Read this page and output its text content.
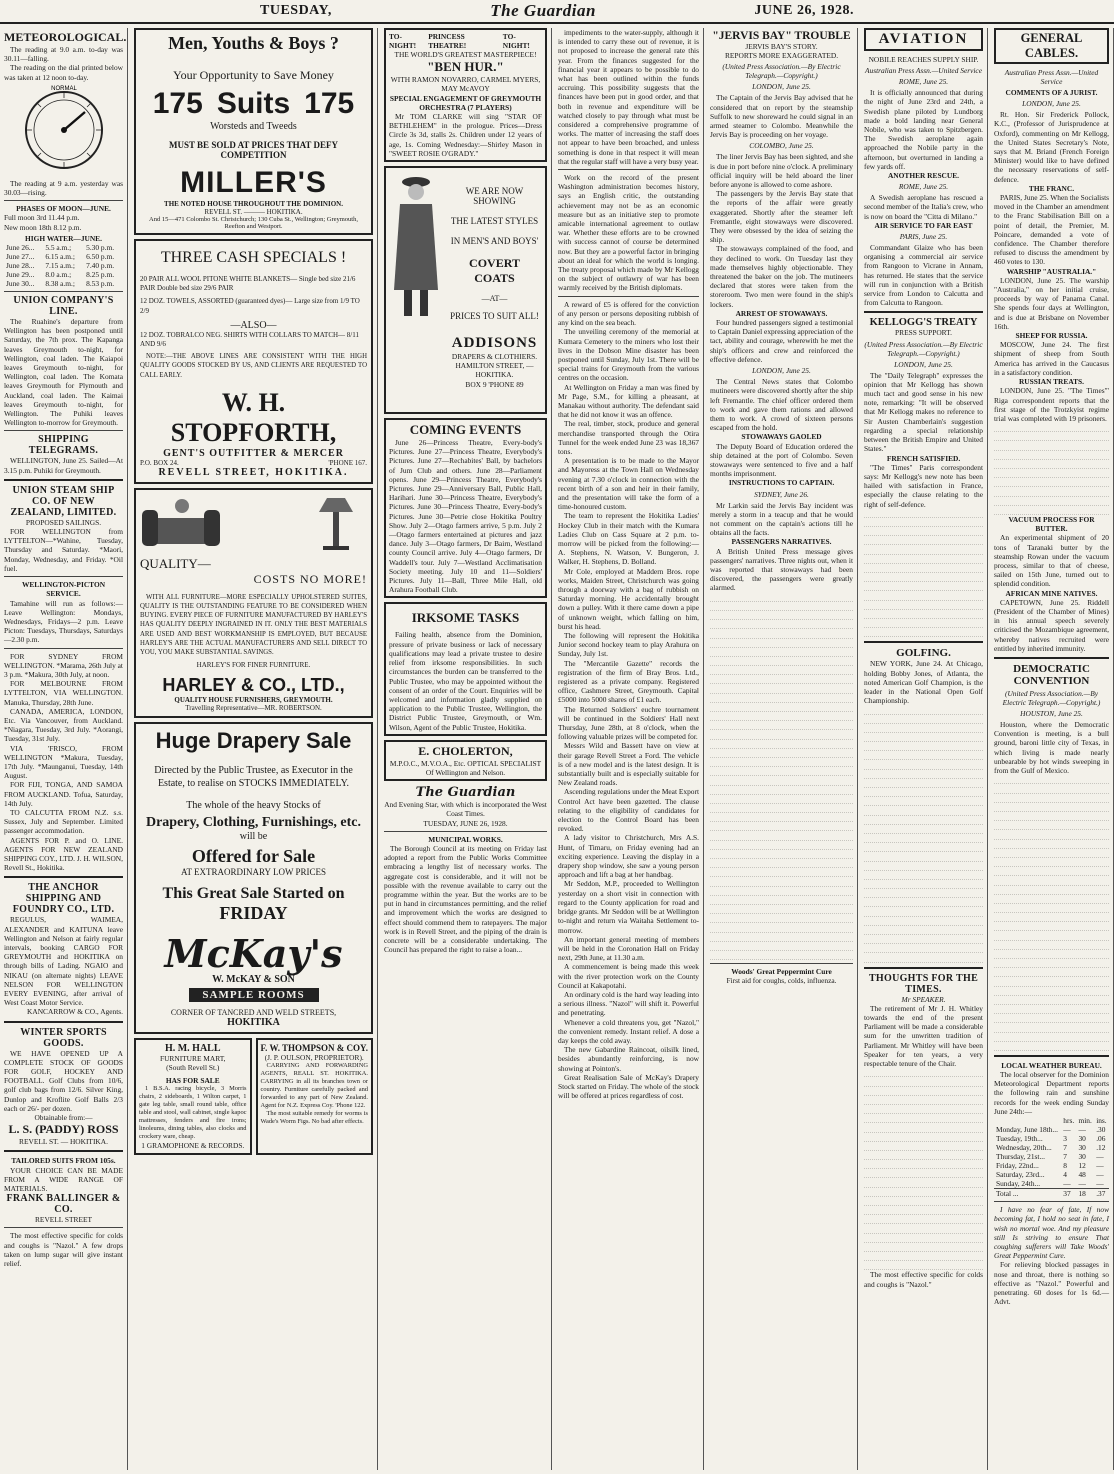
TUESDAY,	The Guardian	JUNE 26, 1928.
METEOROLOGICAL.
The reading at 9.0 a.m. to-day was 30.11—falling.
The reading on the dial printed below was taken at 12 noon to-day.
NORMAL
The reading at 9 a.m. yesterday was 30.03—rising.
PHASES OF MOON—JUNE.
Full moon 3rd 11.44 p.m.
New moon 18th 8.12 p.m.
HIGH WATER—JUNE.
June 26...	5.5 a.m.;	5.30 p.m.
June 27...	6.15 a.m.;	6.50 p.m.
June 28...	7.15 a.m.;	7.40 p.m.
June 29...	8.0 a.m.;	8.25 p.m.
June 30...	8.38 a.m.;	8.53 p.m.
UNION COMPANY'S LINE.
The Ruahine's departure from Wellington has been postponed until Saturday, the 7th prox. The Kapanga leaves Greymouth to-night, for Wellington, coal laden. The Kaiapoi leaves Greymouth to-night, for Wellington, coal laden. The Komata leaves Greymouth for Plymouth and Auckland, coal laden. The Kaimai leaves Greymouth to-night, for Wellington. The Puhiki leaves Wellington to-morrow for Greymouth.
SHIPPING TELEGRAMS.
WELLINGTON, June 25. Sailed—At 3.15 p.m. Puhiki for Greymouth.
UNION STEAM SHIP CO. OF NEW ZEALAND, LIMITED.
PROPOSED SAILINGS.
FOR WELLINGTON from LYTTELTON—*Wahine, Tuesday, Thursday and Saturday. *Maori, Monday, Wednesday, and Friday. *Oil fuel.
WELLINGTON-PICTON SERVICE.
Tamahine will run as follows:— Leave Wellington: Mondays, Wednesdays, Fridays—2 p.m. Leave Picton: Tuesdays, Thursdays, Saturdays—2.30 p.m.
FOR SYDNEY FROM WELLINGTON. *Marama, 26th July at 3 p.m. *Makura, 30th July, at noon.
FOR MELBOURNE FROM LYTTELTON, VIA WELLINGTON. Manuka, Thursday, 28th June.
CANADA, AMERICA, LONDON, Etc. Via Vancouver, from Auckland. *Niagara, Tuesday, 3rd July. *Aorangi, Tuesday, 31st July.
VIA 'FRISCO, FROM WELLINGTON *Makura, Tuesday, 17th July. *Maunganui, Tuesday, 14th August.
FOR FIJI, TONGA, AND SAMOA FROM AUCKLAND. Tofua, Saturday, 14th July.
TO CALCUTTA FROM N.Z. s.s. Sussex, July and September. Limited passenger accommodation.
AGENTS FOR P. and O. LINE. AGENTS FOR NEW ZEALAND SHIPPING COY., LTD. J. H. WILSON, Revell St., Hokitika.
THE ANCHOR SHIPPING AND FOUNDRY CO., LTD.
REGULUS, WAIMEA, ALEXANDER and KAITUNA leave Wellington and Nelson at fairly regular intervals, booking CARGO FOR GREYMOUTH and HOKITIKA on through bills of Lading. NGAIO and NIKAU (on alternate nights) LEAVE NELSON FOR WELLINGTON EVERY EVENING, after arrival of West Coast Motor Service.
KANCARROW & CO., Agents.
WINTER SPORTS GOODS.
WE HAVE OPENED UP A COMPLETE STOCK OF GOODS FOR GOLF, HOCKEY AND FOOTBALL. Golf Clubs from 10/6, golf club bags from 12/6. Silver King, Dunlop and Kroflite Golf Balls 2/3 each or 26/- per dozen.
Obtainable from:—
L. S. (PADDY) ROSS
REVELL ST. — HOKITIKA.
TAILORED SUITS FROM 105s.
YOUR CHOICE CAN BE MADE FROM A WIDE RANGE OF MATERIALS.
FRANK BALLINGER & CO.
REVELL STREET
The most effective specific for colds and coughs is "Nazol." A few drops taken on lump sugar will give instant relief.
Men, Youths & Boys ?
Your Opportunity to Save Money
175 Suits 175
Worsteds and Tweeds
MUST BE SOLD AT PRICES THAT DEFY COMPETITION
MILLER'S
THE NOTED HOUSE THROUGHOUT THE DOMINION.
REVELL ST. ——— HOKITIKA.
And 15—471 Colombo St. Christchurch; 130 Cuba St., Wellington; Greymouth, Reefton and Westport.
THREE CASH SPECIALS !
20 PAIR ALL WOOL PITONE WHITE BLANKETS— Single bed size 21/6 PAIR Double bed size 29/6 PAIR
12 DOZ. TOWELS, ASSORTED (guaranteed dyes)— Large size from 1/9 TO 2/9
—ALSO—
12 DOZ. TOBRALCO NEG. SHIRTS WITH COLLARS TO MATCH— 8/11 AND 9/6
NOTE:—THE ABOVE LINES ARE CONSISTENT WITH THE HIGH QUALITY GOODS STOCKED BY US, AND CLIENTS ARE REQUESTED TO CALL EARLY.
W. H. STOPFORTH,
GENT'S OUTFITTER & MERCER
P.O. BOX 24.	'PHONE 167.
REVELL STREET, HOKITIKA.
QUALITY—
COSTS NO MORE!
WITH ALL FURNITURE—MORE ESPECIALLY UPHOLSTERED SUITES, QUALITY IS THE OUTSTANDING FEATURE TO BE CONSIDERED WHEN BUYING. EVERY PIECE OF FURNITURE MANUFACTURED BY HARLEY'S HAS QUALITY DEEPLY INGRAINED IN IT. ONLY THE BEST MATERIALS ARE USED AND BEST WORKMANSHIP IS EMPLOYED, BUT BECAUSE HARLEY'S ARE THE ACTUAL MANUFACTURERS AND SELL DIRECT TO YOU, YOU MAKE SUBSTANTIAL SAVINGS.
HARLEY'S FOR FINER FURNITURE.
HARLEY & CO., LTD.,
QUALITY HOUSE FURNISHERS, GREYMOUTH.
Travelling Representative—MR. ROBERTSON.
Huge Drapery Sale
Directed by the Public Trustee, as Executor in the Estate, to realise on STOCKS IMMEDIATELY.
The whole of the heavy Stocks of
Drapery, Clothing, Furnishings, etc.
will be
Offered for Sale
AT EXTRAORDINARY LOW PRICES
This Great Sale Started on
FRIDAY
McKay's
W. McKAY & SON
SAMPLE ROOMS
CORNER OF TANCRED AND WELD STREETS,
HOKITIKA
H. M. HALL
FURNITURE MART,
(South Revell St.)
HAS FOR SALE
1 B.S.A. racing bicycle, 3 Morris chairs, 2 sideboards, 1 Wilton carpet, 1 gate leg table, small round table, office table and stool, wall cabinet, single kapoc mattresses, fenders and fire irons; linoleums, dining tables, also clocks and crockery ware, cheap.
1 GRAMOPHONE & RECORDS.
F. W. THOMPSON & COY.
(J. P. OULSON, PROPRIETOR).
CARRYING AND FORWARDING AGENTS, REALL ST. HOKITIKA. CARRYING in all its branches town or country. Furniture carefully packed and forwarded to any part of New Zealand. Agent for N.Z. Express Coy. 'Phone 122.
The most suitable remedy for worms is Wade's Worm Figs. No bad after effects.
TO-NIGHT!
PRINCESS THEATRE!
TO-NIGHT!
THE WORLD'S GREATEST MASTERPIECE!
"BEN HUR."
WITH RAMON NOVARRO, CARMEL MYERS, MAY McAVOY
SPECIAL ENGAGEMENT OF GREYMOUTH ORCHESTRA (7 PLAYERS)
Mr TOM CLARKE will sing "STAR OF BETHLEHEM" in the prologue. Prices—Dress Circle 3s 3d, stalls 2s. Children under 12 years of age, 1s. Coming Wednesday:—Shirley Mason in "SWEET ROSIE O'GRADY."
WE ARE NOW SHOWING
THE LATEST STYLES
IN MEN'S AND BOYS'
COVERT COATS
—AT—
PRICES TO SUIT ALL!
ADDISONS
DRAPERS & CLOTHIERS.
HAMILTON STREET, — HOKITIKA.
BOX 9 'PHONE 89
COMING EVENTS
June 26—Princess Theatre, Every-body's Pictures. June 27—Princess Theatre, Everybody's Pictures. June 27—Rechabites' Ball, by bachelors of Jum Club and others. June 28—Parliament opens. June 29—Princess Theatre, Everybody's Pictures. June 29—Anniversary Ball, Public Hall, Harihari. June 30—Princess Theatre, Everybody's Pictures. June 30—Princess Theatre, Every-body's Pictures. June 30—Petrie close Hokitika Poultry Show. July 2—Otago farmers arrive, 5 p.m. July 2—Otago farmers entertained at pictures and jazz dance. July 3—Otago farmers, Dr Bairn, Westland county Council arrive. July 4—Otago farmers, Dr Waddell's tour. July 7—Westland Acclimatisation Society meeting. July 10 and 11—Soldiers' Pictures. July 11—Ball, Three Mile Hall, old Arahura Football Club.
IRKSOME TASKS
Failing health, absence from the Dominion, pressure of private business or lack of necessary qualifications may lead a private trustee to desire relief from irksome responsibilities. In such circumstances the burden can be transferred to the Public Trustee, who may be appointed without the consent of an order of the Court. Enquiries will be welcomed and information gladly supplied on application to the Public Trustee, Wellington, the District Public Trustee, Greymouth, or Wm. Wilson, Agent of the Public Trustee, Hokitika.
E. CHOLERTON,
M.P.O.C., M.V.O.A., Etc. OPTICAL SPECIALIST
Of Wellington and Nelson.
The Guardian
And Evening Star, with which is incorporated the West Coast Times.
TUESDAY, JUNE 26, 1928.
MUNICIPAL WORKS.
The Borough Council at its meeting on Friday last adopted a report from the Public Works Committee embracing a lengthy list of necessary works. The aggregate cost is considerable, and it will not be possible with the revenue available to carry out the programme within the year. But the works are to be put in hand in circumstances permitting, and the relief and improvement which the works are designed to effect should commend them to ratepayers. The major work is in Revell Street, and the piping of the drain is concrete will be a considerable undertaking. The Council has prepared the right to raise a loan...
impediments to the water-supply, although it is intended to carry these out of revenue, it is not proposed to increase the general rate this year. From the finances suggested for the financial year it appears to be possible to do what has been outlined within the funds accruing. This possibility suggests that the finances have been put in good order, and that both in revenue and expenditure will be watched closely to pay through what must be considered a comprehensive programme of works. The matter of increasing the staff does not appear to have been broached, and unless something is done in that respect it will mean that the regular staff will have a very busy year.
Work on the record of the present Washington administration becomes history, says an English critic, the outstanding achievement may not be as an economic measure but as an initiative step to promote amicable international agreement to outlaw war. Whether these efforts are to be crowned with success cannot of course be determined now. But they are a powerful factor in bringing about an ideal for which the world is longing. The treaty proposal which made by Mr Kellogg on the subject of outlawry of war has been warmly received by the British diplomats.
A reward of £5 is offered for the conviction of any person or persons depositing rubbish of any kind on the sea beach.
The unveiling ceremony of the memorial at Kumara Cemetery to the miners who lost their lives in the Dobson Mine disaster has been postponed until Sunday, July 1st. There will be special trains for Greymouth from the various centres on the occasion.
At Wellington on Friday a man was fined by Mr Page, S.M., for killing a pheasant, at Manakau without authority. The defendant said that he did not know it was an offence.
The real, timber, stock, produce and general merchandise transported through the Otira Tunnel for the week ended June 23 was 18,367 tons.
A presentation is to be made to the Mayor and Mayoress at the Town Hall on Wednesday evening at 7.30 o'clock in connection with the recent birth of a son and heir in their family, and the presentation will take the form of a time-honoured custom.
The team to represent the Hokitika Ladies' Hockey Club in their match with the Kumara Ladies Club on Cass Square at 2 p.m. to-morrow will be picked from the following:—A. Stephens, N. Watson, V. Bungeron, J. Walker, H. Stephens, D. Bolland.
Mr Cole, employed at Maddern Bros. rope works, Maiden Street, Christchurch was going through a doorway with a bag of rubbish on Saturday morning. He accidentally brought down a pulley. With it there came down a pipe of unknown weight, which falling on him, burst his head.
The following will represent the Hokitika Junior second hockey team to play Arahura on Sunday, July 1st.
The "Mercantile Gazette" records the registration of the firm of Bray Bros. Ltd., registered as a private company. Registered office, Cashmere Street, Greymouth. Capital £5000 into 5000 shares of £1 each.
The Returned Soldiers' euchre tournament will be continued in the Soldiers' Hall next Thursday, June 28th, at 8 o'clock, when the following valuable prizes will be competed for.
Messrs Wild and Bassett have on view at their garage Revell Street a Ford. The vehicle is of a new model and is the latest design. It is substantially built and is especially suitable for New Zealand roads.
Ascending regulations under the Meat Export Control Act have been gazetted. The clause relating to the eligibility of candidates for election to the Control Board has been revoked.
A lady visitor to Christchurch, Mrs A.S. Hunt, of Timaru, on Friday evening had an exciting experience. Leaving the display in a drapery shop window, she saw a young person approach and lift a bag at her handbag.
Mr Seddon, M.P., proceeded to Wellington yesterday on a short visit in connection with regard to the County application for road and bridge grants. Mr Seddon will be at Wellington to-night and return via Waitaha Settlement to-morrow.
An important general meeting of members will be held in the Coronation Hall on Friday next, 29th June, at 11.30 a.m.
A commencement is being made this week with the river protection work on the County Council at Kakapotahi.
An ordinary cold is the hard way leading into a serious illness. "Nazol" will shift it. Powerful and penetrating.
Whenever a cold threatens you, get "Nazol," the convenient remedy. Instant relief. A dose a day keeps the cold away.
The new Gabardine Raincoat, oilsilk lined, besides abundantly reinforcing, is now showing at Pointon's.
Great Realisation Sale of McKay's Drapery Stock started on Friday. The whole of the stock will be offered at prices regardless of cost.
"JERVIS BAY" TROUBLE
JERVIS BAY'S STORY.
REPORTS MORE EXAGGERATED.
(United Press Association.—By Electric Telegraph.—Copyright.)
LONDON, June 25.
The Captain of the Jervis Bay advised that he considered that on report by the steamship Suffolk to new shoreward he could signal in an armed steamer to Colombo. Meanwhile the Jervis Bay is proceeding on her voyage.
COLOMBO, June 25.
The liner Jervis Bay has been sighted, and she is due in port before nine o'clock. A preliminary official inquiry will be held aboard the liner before anyone is allowed to come ashore.
The passengers by the Jervis Bay state that the reports of the affair were greatly exaggerated. Shortly after the steamer left Fremantle, eight stowaways were discovered. They were obsessed by the idea of seizing the ship.
The stowaways complained of the food, and they declined to work. On Tuesday last they made themselves highly objectionable. They threatened the baker on the job. The mutineers declared that stores were taken from the storeroom. Two men were found in the ship's lockers.
ARREST OF STOWAWAYS.
Four hundred passengers signed a testimonial to Captain Daniel expressing appreciation of the tact, ability and courage, wherewith he met the ship's officers and crew and reinforced the effective defence.
LONDON, June 25.
The Central News states that Colombo mutineers were discovered shortly after the ship left Fremantle. The chief officer ordered them to work and gave them rations and allowed them to work. A crowd of sixteen persons escaped from the hold.
STOWAWAYS GAOLED
The Deputy Board of Education ordered the ship detained at the port of Colombo. Seven stowaways were sentenced to five and a half months imprisonment.
INSTRUCTIONS TO CAPTAIN.
SYDNEY, June 26.
Mr Larkin said the Jervis Bay incident was merely a storm in a teacup and that he would not comment on the captain's actions till he obtains all the facts.
PASSENGERS NARRATIVES.
A British United Press message gives passengers' narratives. Three nights out, when it was reported that stowaways had been discovered, the passengers were greatly alarmed.
Woods' Great Peppermint Cure
First aid for coughs, colds, influenza.
AVIATION
NOBILE REACHES SUPPLY SHIP.
Australian Press Assn.—United Service
ROME, June 25.
It is officially announced that during the night of June 23rd and 24th, a Swedish plane piloted by Lundborg made a bold landing near General Nobile, who was taken to Spitzbergen. The Swedish aeroplane again approached the Nobile party in the afternoon, but overturned in landing a few yards off.
ANOTHER RESCUE.
ROME, June 25.
A Swedish aeroplane has rescued a second member of the Italia's crew, who is now on board the "Citta di Milano."
AIR SERVICE TO FAR EAST
PARIS, June 25.
Commandant Glaize who has been organising a commercial air service from Rangoon to Vicrane in Annam, has returned. He states that the service will run in conjunction with a British service from London to Calcutta and from Calcutta to Rangoon.
KELLOGG'S TREATY
PRESS SUPPORT.
(United Press Association.—By Electric Telegraph.—Copyright.)
LONDON, June 25.
The "Daily Telegraph" expresses the opinion that Mr Kellogg has shown much tact and good sense in his new note, remarking: "It will be observed that Mr Kellogg makes no reference to Sir Austen Chamberlain's suggestion regarding a special relationship between the British Empire and United States."
FRENCH SATISFIED.
"The Times" Paris correspondent says: Mr Kellogg's new note has been hailed with satisfaction in France, especially the clause relating to the right of self-defence.
GOLFING.
NEW YORK, June 24. At Chicago, holding Bobby Jones, of Atlanta, the noted American Golf Champion, is the leader in the National Open Golf Championship.
THOUGHTS FOR THE TIMES.
Mr SPEAKER.
The retirement of Mr J. H. Whitley towards the end of the present Parliament will be made a considerable sum for the unwritten tradition of Parliament. Mr Whitley will have been Speaker for ten years, a very respectable tenure of the Chair.
The most effective specific for colds and coughs is "Nazol."
GENERAL CABLES.
Australian Press Assn.—United Service
COMMENTS OF A JURIST.
LONDON, June 25.
Rt. Hon. Sir Frederick Pollock, K.C., (Professor of Jurisprudence at Oxford), commenting on Mr Kellogg, the United States Secretary's Note, says that M. Briand (French Foreign Minister) would like to have defined the necessary reservations of self-defence.
THE FRANC.
PARIS, June 25. When the Socialists moved in the Chamber an amendment to the Franc Stabilisation Bill on a point of detail, the Premier, M. Poincare, demanded a vote of confidence. The Chamber therefore refused to discuss the amendment by 460 votes to 130.
WARSHIP "AUSTRALIA."
LONDON, June 25. The warship "Australia," on her initial cruise, proceeds by way of Panama Canal. She spends four days at Wellington, and is due at Brisbane on November 16th.
SHEEP FOR RUSSIA.
MOSCOW, June 24. The first shipment of sheep from South America has arrived in the Caucasus in a satisfactory condition.
RUSSIAN TREATS.
LONDON, June 25. "The Times'" Riga correspondent reports that the first stage of the Trotzkyist regime trial was completed with 19 prisoners.
VACUUM PROCESS FOR BUTTER.
An experimental shipment of 20 tons of Taranaki butter by the steamship Rowan under the vacuum process, similar to that of cheese, sailed on 15th June, turned out to splendid condition.
AFRICAN MINE NATIVES.
CAPETOWN, June 25. Riddell (President of the Chamber of Mines) in his annual speech severely criticised the Mozambique agreement, whereby natives recruited were entitled by inherited immunity.
DEMOCRATIC CONVENTION
(United Press Association.—By Electric Telegraph.—Copyright.)
HOUSTON, June 25.
Houston, where the Democratic Convention is meeting, is a bull ground, baroni little city of Texas, in which living is made nearly unbearable by hot winds sweeping in from the Gulf of Mexico.
LOCAL WEATHER BUREAU.
The local observer for the Dominion Meteorological Department reports the following rain and sunshine records for the week ending Sunday June 24th:—
	hrs.	min.	ins.
Monday, June 18th...	—	—	.30
Tuesday, 19th...	3	30	.06
Wednesday, 20th...	7	30	.12
Thursday, 21st...	7	30	—
Friday, 22nd...	8	12	—
Saturday, 23rd...	4	48	—
Sunday, 24th...	—	—	—
Total ...	37	18	.37
I have no fear of fate, If now becoming fat, I hold no seat in fate, I wish no mortal woe. And my pleasure still Is striving to ensure That coughing sufferers will Take Woods' Great Peppermint Cure.
For relieving blocked passages in nose and throat, there is nothing so effective as "Nazol." Powerful and penetrating. 60 doses for 1s 6d.—Advt.
